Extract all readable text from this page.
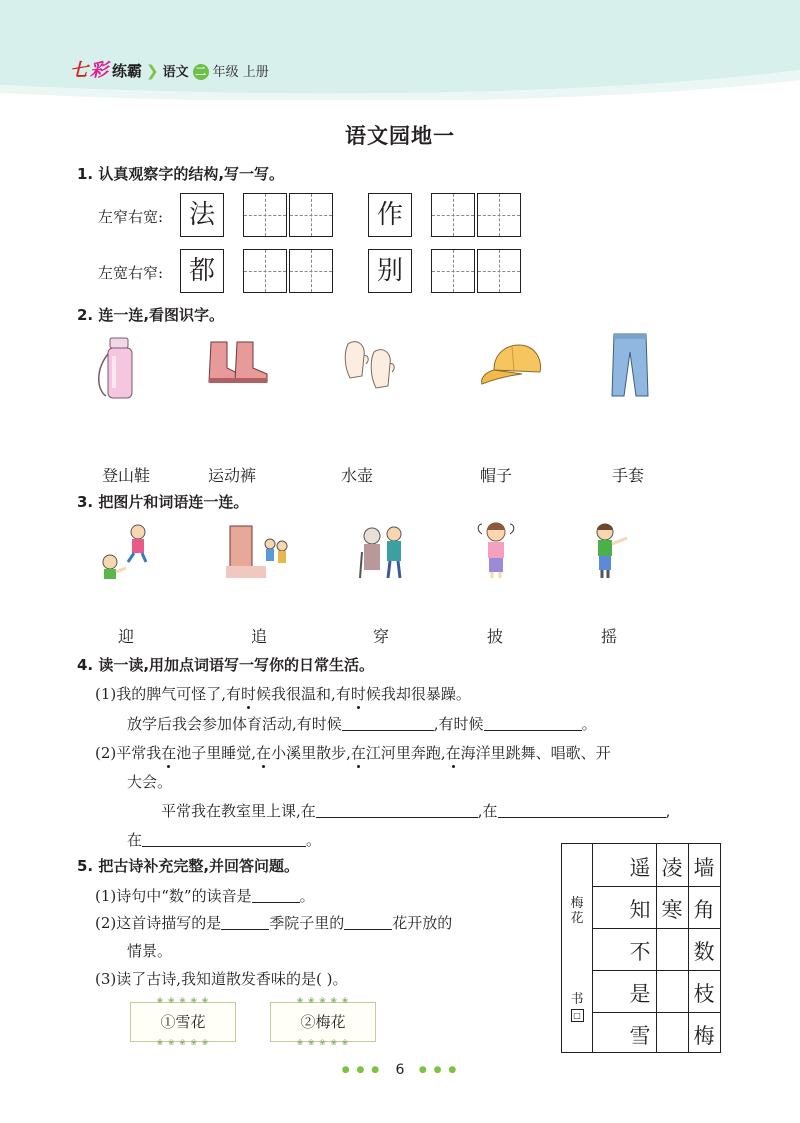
七 彩 练霸 ❯ 语文 二 年级 上册
语文园地一
1. 认真观察字的结构,写一写。
左窄右宽: 法	作
左宽右窄: 都	别
2. 连一连,看图识字。
登山鞋	运动裤	水壶	帽子	手套
3. 把图片和词语连一连。
迎	追	穿	披	摇
4. 读一读,用加点词语写一写你的日常生活。
(1)我的脾气可怪了,有时候我很温和,有时候我却很暴躁。
放学后我会参加体育活动,有时候	,有时候	。
(2)平常我在池子里睡觉,在小溪里散步,在江河里奔跑,在海洋里跳舞、唱歌、开
大会。
平常我在教室里上课,在	,在	,
在	。
5. 把古诗补充完整,并回答问题。
(1)诗句中“数”的读音是	。
(2)这首诗描写的是	季院子里的	花开放的
情景。
(3)读了古诗,我知道散发香味的是( )。
❀ ❀ ❀ ❀ ❀ ①雪花 ❀ ❀ ❀ ❀ ❀
❀ ❀ ❀ ❀ ❀	②梅花 ❀ ❀ ❀ ❀ ❀
梅 花
书
□
遥
知
不
是
雪
凌
寒
墙
角
数
枝
梅
● ● ● 6 ● ● ●
